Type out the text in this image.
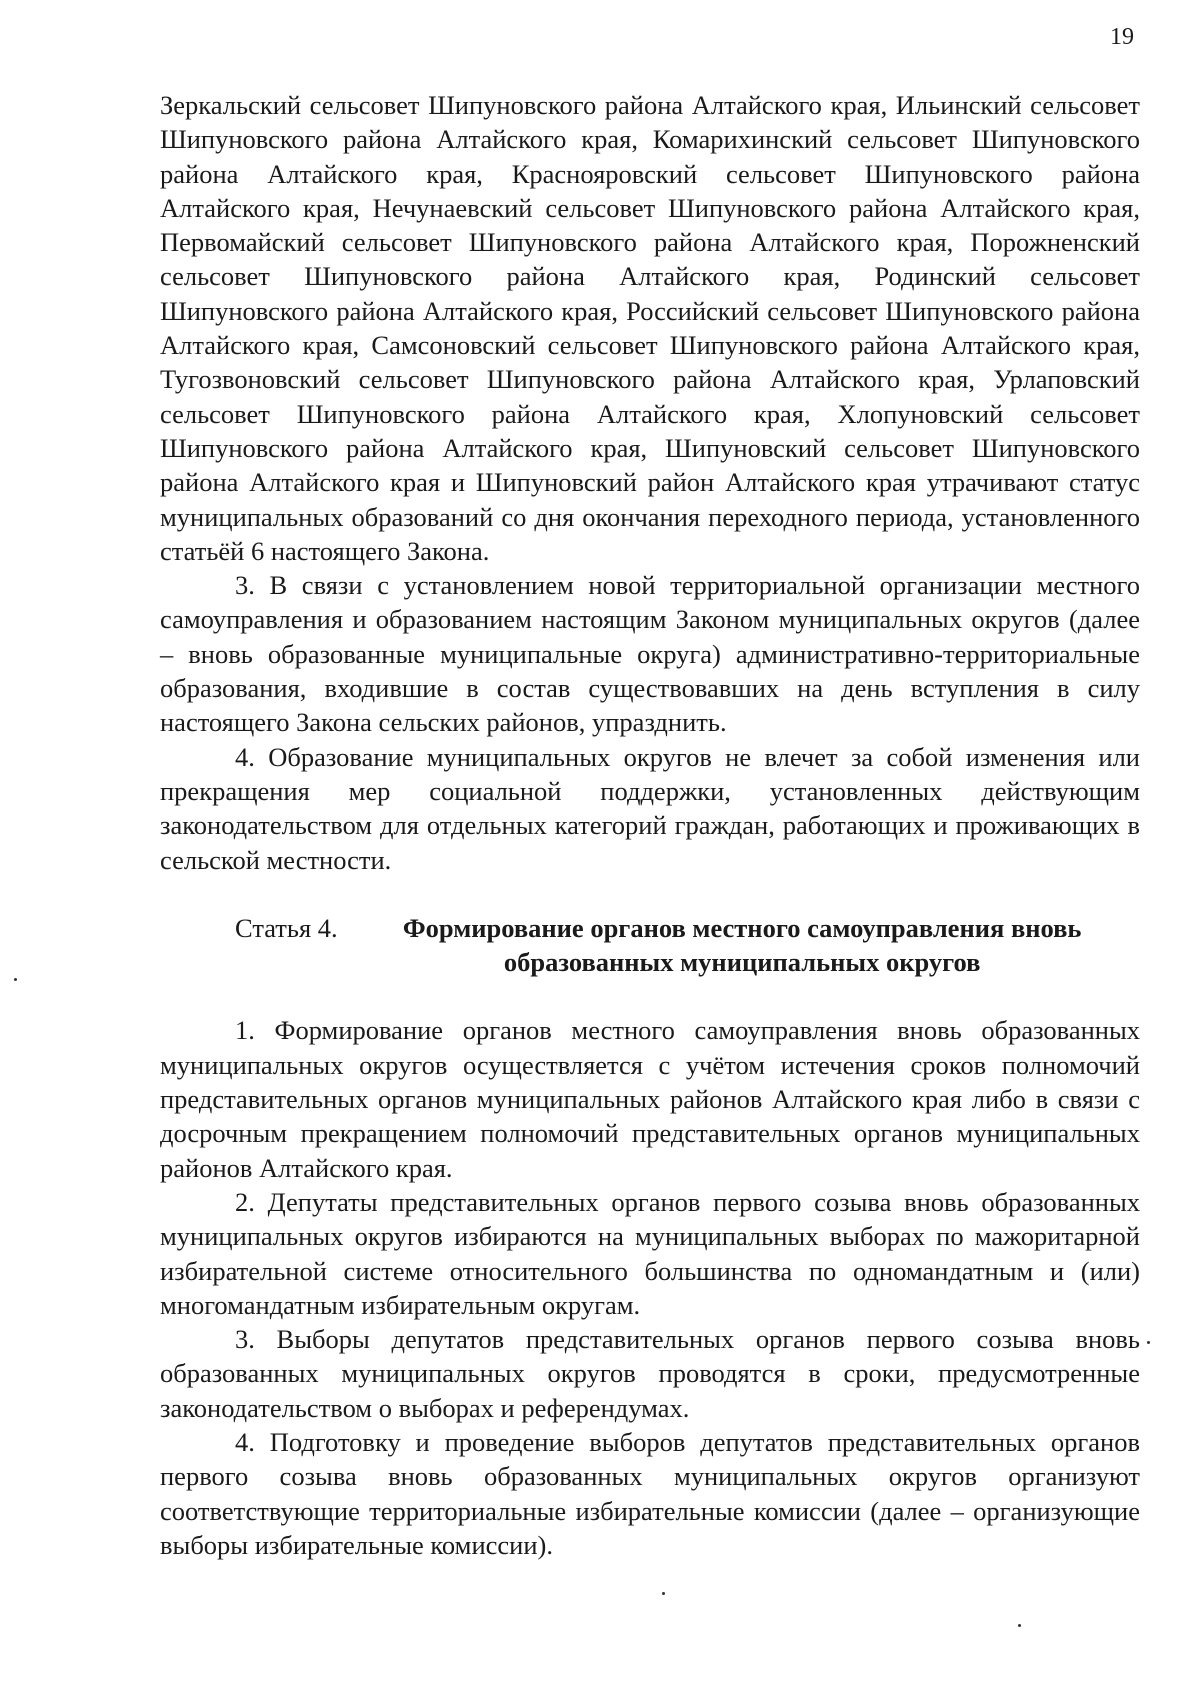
19

Зеркальский сельсовет Шипуновского района Алтайского края, Ильинский сельсовет Шипуновского района Алтайского края, Комарихинский сельсовет Шипуновского района Алтайского края, Краснояровский сельсовет Шипуновского района Алтайского края, Нечунаевский сельсовет Шипуновского района Алтайского края, Первомайский сельсовет Шипуновского района Алтайского края, Порожненский сельсовет Шипуновского района Алтайского края, Родинский сельсовет Шипуновского района Алтайского края, Российский сельсовет Шипуновского района Алтайского края, Самсоновский сельсовет Шипуновского района Алтайского края, Тугозвоновский сельсовет Шипуновского района Алтайского края, Урлаповский сельсовет Шипуновского района Алтайского края, Хлопуновский сельсовет Шипуновского района Алтайского края, Шипуновский сельсовет Шипуновского района Алтайского края и Шипуновский район Алтайского края утрачивают статус муниципальных образований со дня окончания переходного периода, установленного статьёй 6 настоящего Закона.

3. В связи с установлением новой территориальной организации местного самоуправления и образованием настоящим Законом муниципальных округов (далее – вновь образованные муниципальные округа) административно-территориальные образования, входившие в состав существовавших на день вступления в силу настоящего Закона сельских районов, упразднить.

4. Образование муниципальных округов не влечет за собой изменения или прекращения мер социальной поддержки, установленных действующим законодательством для отдельных категорий граждан, работающих и проживающих в сельской местности.

Статья 4.	Формирование органов местного самоуправления вновь образованных муниципальных округов

1. Формирование органов местного самоуправления вновь образованных муниципальных округов осуществляется с учётом истечения сроков полномочий представительных органов муниципальных районов Алтайского края либо в связи с досрочным прекращением полномочий представительных органов муниципальных районов Алтайского края.

2. Депутаты представительных органов первого созыва вновь образованных муниципальных округов избираются на муниципальных выборах по мажоритарной избирательной системе относительного большинства по одномандатным и (или) многомандатным избирательным округам.

3. Выборы депутатов представительных органов первого созыва вновь образованных муниципальных округов проводятся в сроки, предусмотренные законодательством о выборах и референдумах.

4. Подготовку и проведение выборов депутатов представительных органов первого созыва вновь образованных муниципальных округов организуют соответствующие территориальные избирательные комиссии (далее – организующие выборы избирательные комиссии).
